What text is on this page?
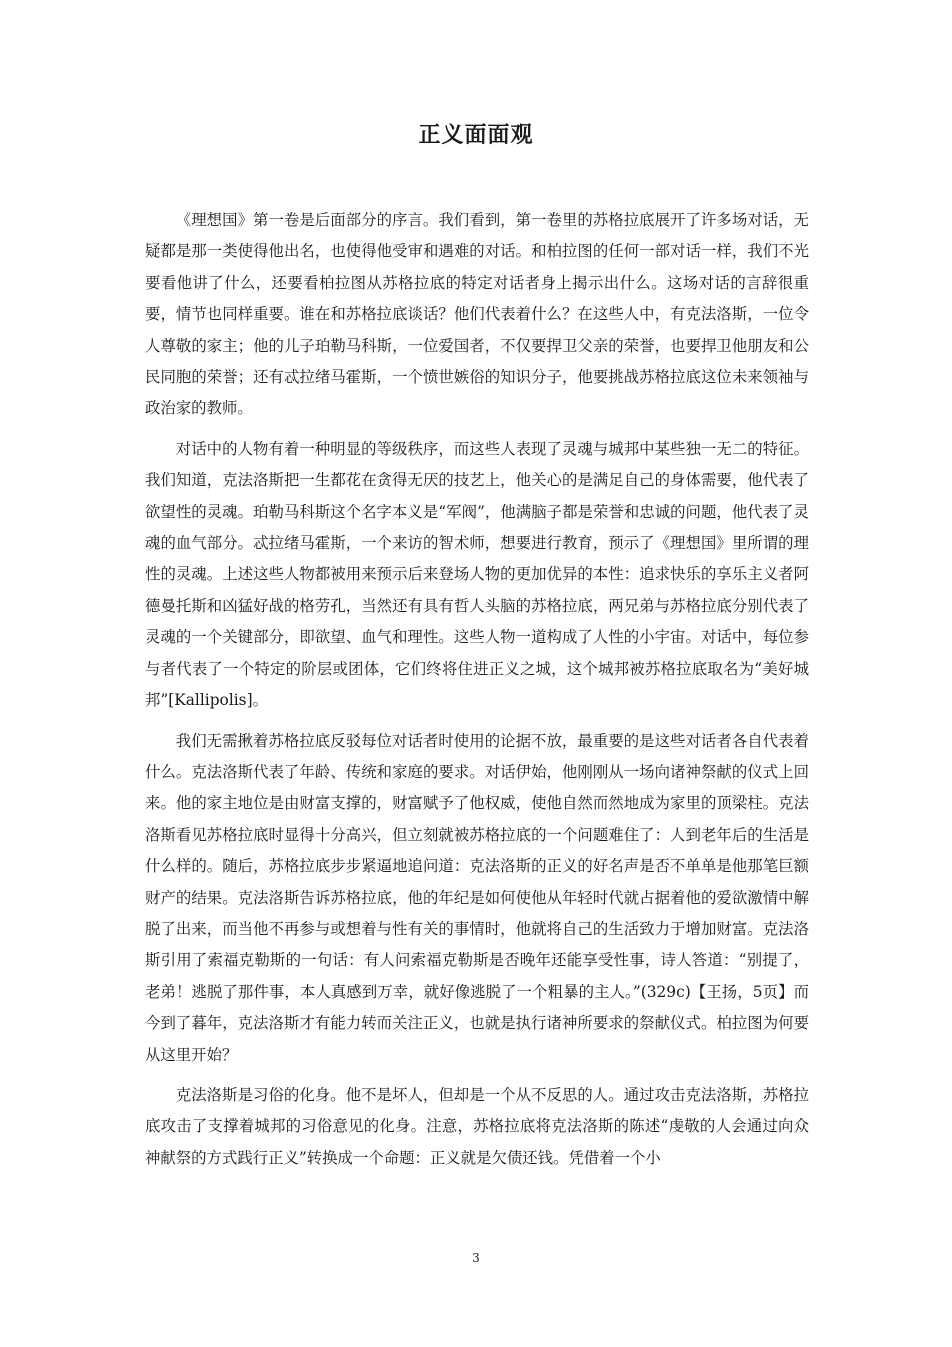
正义面面观

《理想国》第一卷是后面部分的序言。我们看到，第一卷里的苏格拉底展开了许多场对话，无疑都是那一类使得他出名，也使得他受审和遇难的对话。和柏拉图的任何一部对话一样，我们不光要看他讲了什么，还要看柏拉图从苏格拉底的特定对话者身上揭示出什么。这场对话的言辞很重要，情节也同样重要。谁在和苏格拉底谈话？他们代表着什么？在这些人中，有克法洛斯，一位令人尊敬的家主；他的儿子珀勒马科斯，一位爱国者，不仅要捍卫父亲的荣誉，也要捍卫他朋友和公民同胞的荣誉；还有忒拉绪马霍斯，一个愤世嫉俗的知识分子，他要挑战苏格拉底这位未来领袖与政治家的教师。

对话中的人物有着一种明显的等级秩序，而这些人表现了灵魂与城邦中某些独一无二的特征。我们知道，克法洛斯把一生都花在贪得无厌的技艺上，他关心的是满足自己的身体需要，他代表了欲望性的灵魂。珀勒马科斯这个名字本义是“军阀”，他满脑子都是荣誉和忠诚的问题，他代表了灵魂的血气部分。忒拉绪马霍斯，一个来访的智术师，想要进行教育，预示了《理想国》里所谓的理性的灵魂。上述这些人物都被用来预示后来登场人物的更加优异的本性：追求快乐的享乐主义者阿德曼托斯和凶猛好战的格劳孔，当然还有具有哲人头脑的苏格拉底，两兄弟与苏格拉底分别代表了灵魂的一个关键部分，即欲望、血气和理性。这些人物一道构成了人性的小宇宙。对话中，每位参与者代表了一个特定的阶层或团体，它们终将住进正义之城，这个城邦被苏格拉底取名为“美好城邦”[Kallipolis]。

我们无需揪着苏格拉底反驳每位对话者时使用的论据不放，最重要的是这些对话者各自代表着什么。克法洛斯代表了年龄、传统和家庭的要求。对话伊始，他刚刚从一场向诸神祭献的仪式上回来。他的家主地位是由财富支撑的，财富赋予了他权威，使他自然而然地成为家里的顶梁柱。克法洛斯看见苏格拉底时显得十分高兴，但立刻就被苏格拉底的一个问题难住了：人到老年后的生活是什么样的。随后，苏格拉底步步紧逼地追问道：克法洛斯的正义的好名声是否不单单是他那笔巨额财产的结果。克法洛斯告诉苏格拉底，他的年纪是如何使他从年轻时代就占据着他的爱欲激情中解脱了出来，而当他不再参与或想着与性有关的事情时，他就将自己的生活致力于增加财富。克法洛斯引用了索福克勒斯的一句话：有人问索福克勒斯是否晚年还能享受性事，诗人答道：“别提了，老弟！逃脱了那件事，本人真感到万幸，就好像逃脱了一个粗暴的主人。”(329c)【王扬，5页】而今到了暮年，克法洛斯才有能力转而关注正义，也就是执行诸神所要求的祭献仪式。柏拉图为何要从这里开始？

克法洛斯是习俗的化身。他不是坏人，但却是一个从不反思的人。通过攻击克法洛斯，苏格拉底攻击了支撑着城邦的习俗意见的化身。注意，苏格拉底将克法洛斯的陈述“虔敬的人会通过向众神献祭的方式践行正义”转换成一个命题：正义就是欠债还钱。凭借着一个小

3
